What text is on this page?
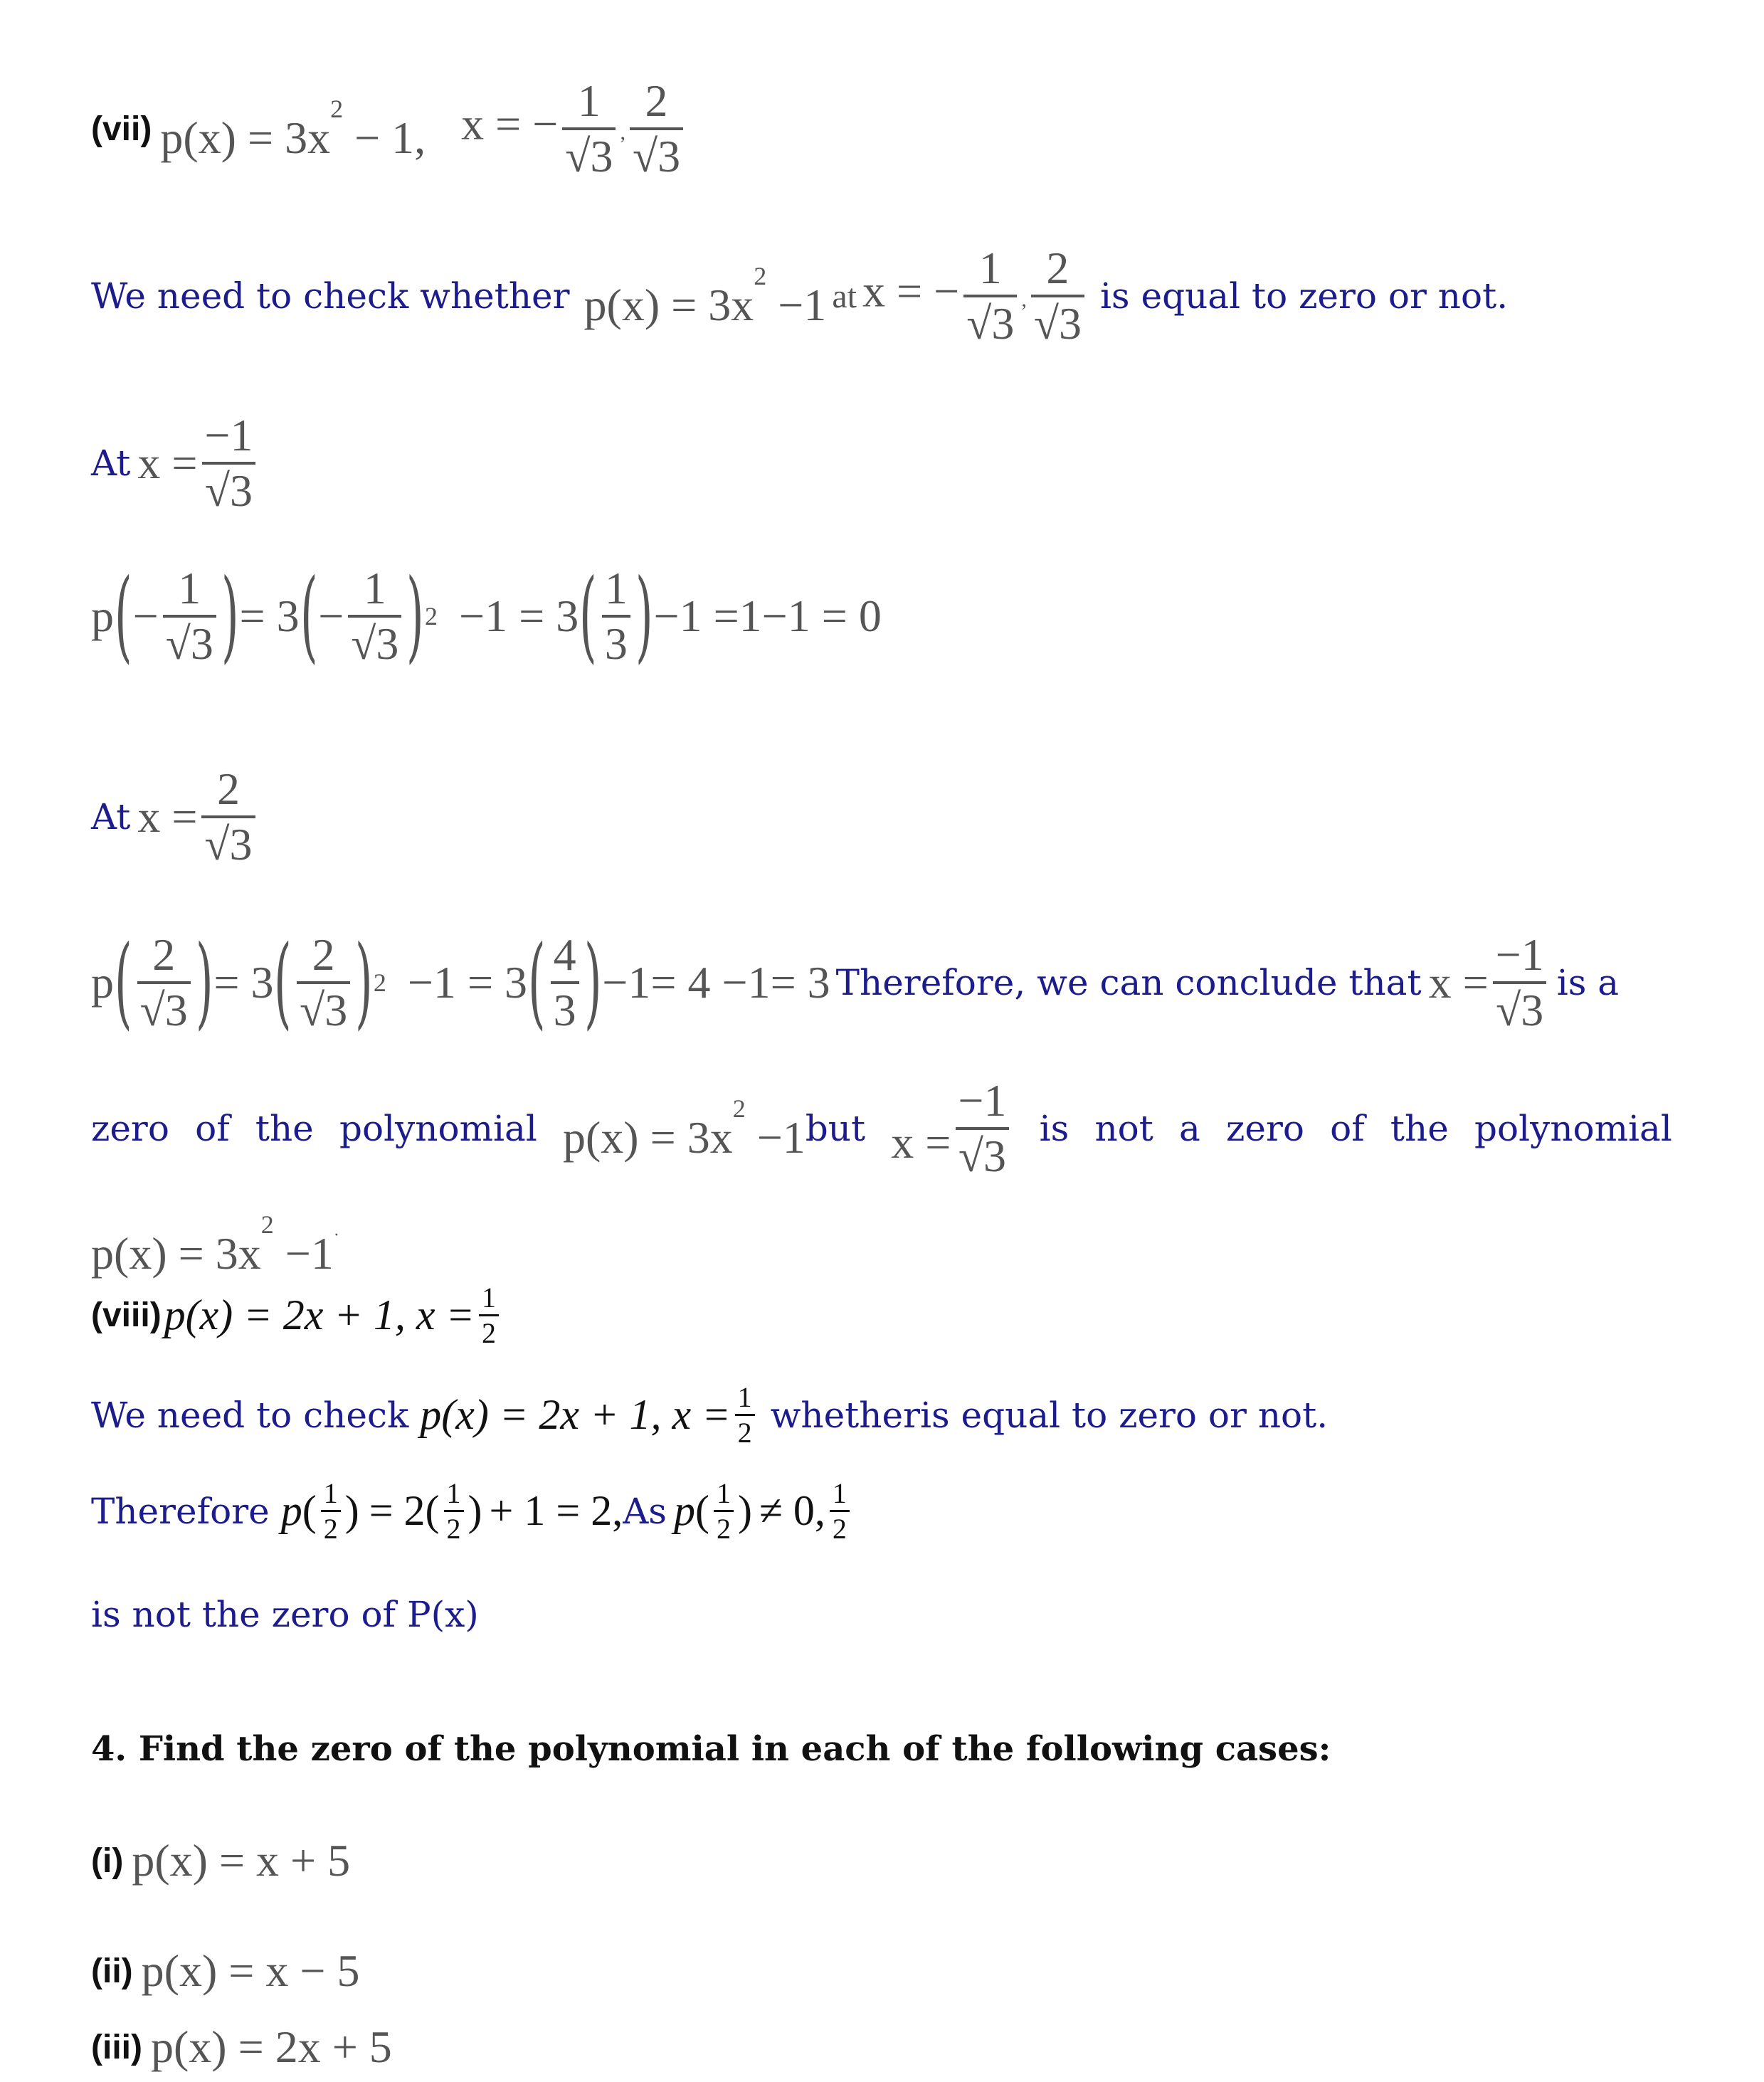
(vii) $p(x) = 3x^2 - 1$, x = − $\frac{1}{√3}$ , $\frac{2}{√3}$
We need to check whether $p(x) = 3x^2 -1$ at x = − $\frac{1}{√3}$ , $\frac{2}{√3}$ is equal to zero or not.
At $x = \frac{-1}{√3}$
p ( − $\frac{1}{√3}$ ) = 3 ( − $\frac{1}{√3}$ ) 2 −1 = 3 ( $\frac{1}{3}$ ) −1 =1−1 = 0
At $x = \frac{2}{√3}$
p ( $\frac{2}{√3}$ ) = 3 ( $\frac{2}{√3}$ ) 2 −1 = 3 ( $\frac{4}{3}$ ) −1= 4 −1= 3 Therefore, we can conclude that $x = \frac{-1}{√3}$ is a
zero of the polynomial $p(x) = 3x^2 -1$ but $x = \frac{-1}{√3}$ is not a zero of the polynomial
$p(x) = 3x^2 -1^\cdot$
(viii) p(x) = 2x + 1, $x = \frac{1}{2}$
We need to check p(x) = 2x + 1, $x = \frac{1}{2}$ whetheris equal to zero or not.
Therefore p ( $\frac{1}{2}$ ) = 2 ( $\frac{1}{2}$ ) + 1 = 2, As p ( $\frac{1}{2}$ ) ≠ 0, $\frac{1}{2}$
is not the zero of P(x)
4. Find the zero of the polynomial in each of the following cases:
(i) p(x) = x + 5
(ii) p(x) = x − 5
(iii) p(x) = 2x + 5
